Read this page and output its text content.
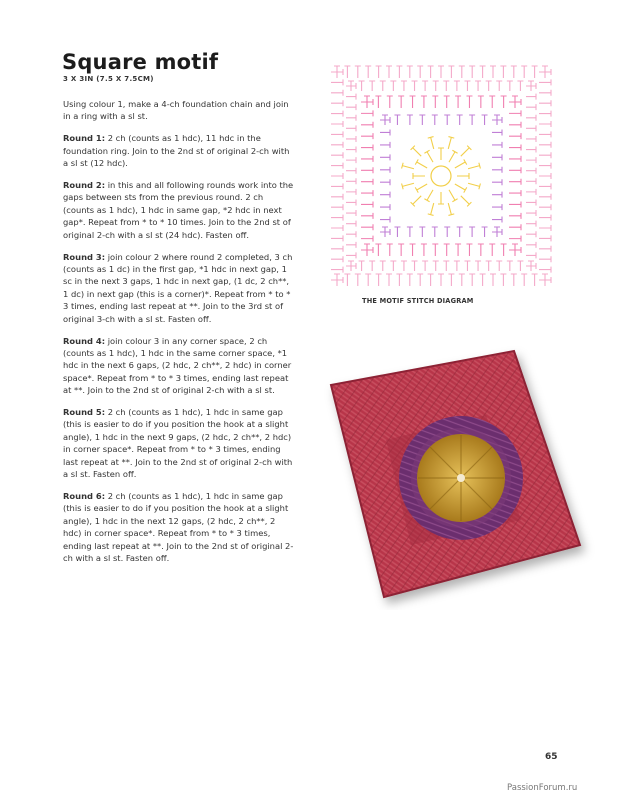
Square motif
3 X 3IN (7.5 X 7.5CM)

Using colour 1, make a 4-ch foundation chain and join in a ring with a sl st.

Round 1: 2 ch (counts as 1 hdc), 11 hdc in the foundation ring. Join to the 2nd st of original 2-ch with a sl st (12 hdc).

Round 2: in this and all following rounds work into the gaps between sts from the previous round. 2 ch (counts as 1 hdc), 1 hdc in same gap, *2 hdc in next gap*. Repeat from * to * 10 times. Join to the 2nd st of original 2-ch with a sl st (24 hdc). Fasten off.

Round 3: join colour 2 where round 2 completed, 3 ch (counts as 1 dc) in the first gap, *1 hdc in next gap, 1 sc in the next 3 gaps, 1 hdc in next gap, (1 dc, 2 ch**, 1 dc) in next gap (this is a corner)*. Repeat from * to * 3 times, ending last repeat at **. Join to the 3rd st of original 3-ch with a sl st. Fasten off.

Round 4: join colour 3 in any corner space, 2 ch (counts as 1 hdc), 1 hdc in the same corner space, *1 hdc in the next 6 gaps, (2 hdc, 2 ch**, 2 hdc) in corner space*. Repeat from * to * 3 times, ending last repeat at **. Join to the 2nd st of original 2-ch with a sl st.

Round 5: 2 ch (counts as 1 hdc), 1 hdc in same gap (this is easier to do if you position the hook at a slight angle), 1 hdc in the next 9 gaps, (2 hdc, 2 ch**, 2 hdc) in corner space*. Repeat from * to * 3 times, ending last repeat at **. Join to the 2nd st of original 2-ch with a sl st. Fasten off.

Round 6: 2 ch (counts as 1 hdc), 1 hdc in same gap (this is easier to do if you position the hook at a slight angle), 1 hdc in the next 12 gaps, (2 hdc, 2 ch**, 2 hdc) in corner space*. Repeat from * to * 3 times, ending last repeat at **. Join to the 2nd st of original 2-ch with a sl st. Fasten off.

THE MOTIF STITCH DIAGRAM
65
PassionForum.ru
